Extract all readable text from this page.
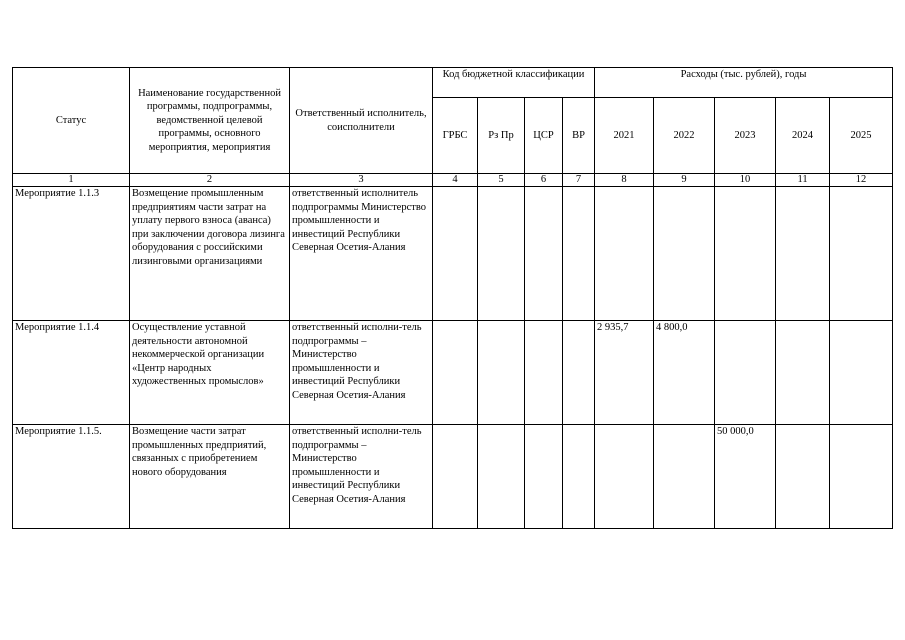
Статус	Наименование государственной программы, подпрограммы, ведомственной целевой программы, основного мероприятия, мероприятия	Ответственный исполнитель, соисполнители	Код бюджетной классификации				Расходы (тыс. рублей), годы				
			ГРБС	Рз Пр	ЦСР	ВР	2021	2022	2023	2024	2025
1	2	3	4	5	6	7	8	9	10	11	12
Мероприятие 1.1.3	Возмещение промышленным предприятиям части затрат на уплату первого взноса (аванса) при заключении договора лизинга оборудования с российскими лизинговыми организациями	ответственный исполнитель подпрограммы Министерство промышленности и инвестиций Республики Северная Осетия-Алания									
Мероприятие 1.1.4	Осуществление уставной деятельности автономной некоммерческой организации «Центр народных художественных промыслов»	ответственный исполни-тель подпрограммы – Министерство промышленности и инвестиций Республики Северная Осетия-Алания					2 935,7	4 800,0			
Мероприятие 1.1.5.	Возмещение части затрат промышленных предприятий, связанных с приобретением нового оборудования	ответственный исполни-тель подпрограммы – Министерство промышленности и инвестиций Республики Северная Осетия-Алания							50 000,0		
